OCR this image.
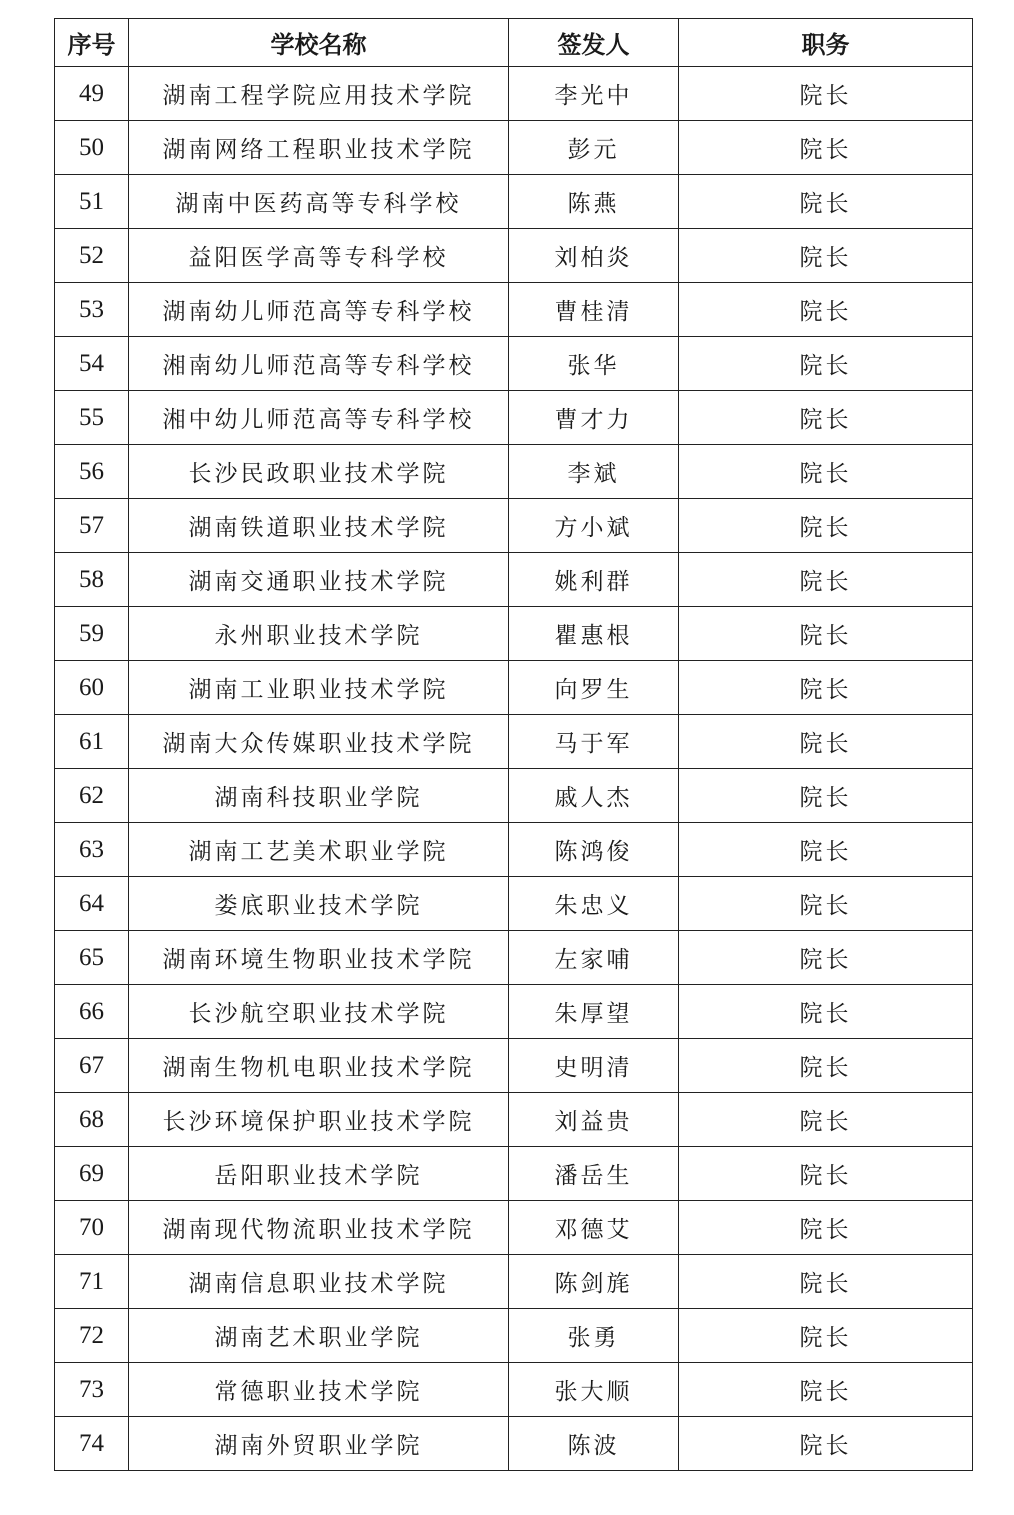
序号	学校名称	签发人	职务
49	湖南工程学院应用技术学院	李光中	院长
50	湖南网络工程职业技术学院	彭元	院长
51	湖南中医药高等专科学校	陈燕	院长
52	益阳医学高等专科学校	刘柏炎	院长
53	湖南幼儿师范高等专科学校	曹桂清	院长
54	湘南幼儿师范高等专科学校	张华	院长
55	湘中幼儿师范高等专科学校	曹才力	院长
56	长沙民政职业技术学院	李斌	院长
57	湖南铁道职业技术学院	方小斌	院长
58	湖南交通职业技术学院	姚利群	院长
59	永州职业技术学院	瞿惠根	院长
60	湖南工业职业技术学院	向罗生	院长
61	湖南大众传媒职业技术学院	马于军	院长
62	湖南科技职业学院	戚人杰	院长
63	湖南工艺美术职业学院	陈鸿俊	院长
64	娄底职业技术学院	朱忠义	院长
65	湖南环境生物职业技术学院	左家哺	院长
66	长沙航空职业技术学院	朱厚望	院长
67	湖南生物机电职业技术学院	史明清	院长
68	长沙环境保护职业技术学院	刘益贵	院长
69	岳阳职业技术学院	潘岳生	院长
70	湖南现代物流职业技术学院	邓德艾	院长
71	湖南信息职业技术学院	陈剑旄	院长
72	湖南艺术职业学院	张勇	院长
73	常德职业技术学院	张大顺	院长
74	湖南外贸职业学院	陈波	院长
